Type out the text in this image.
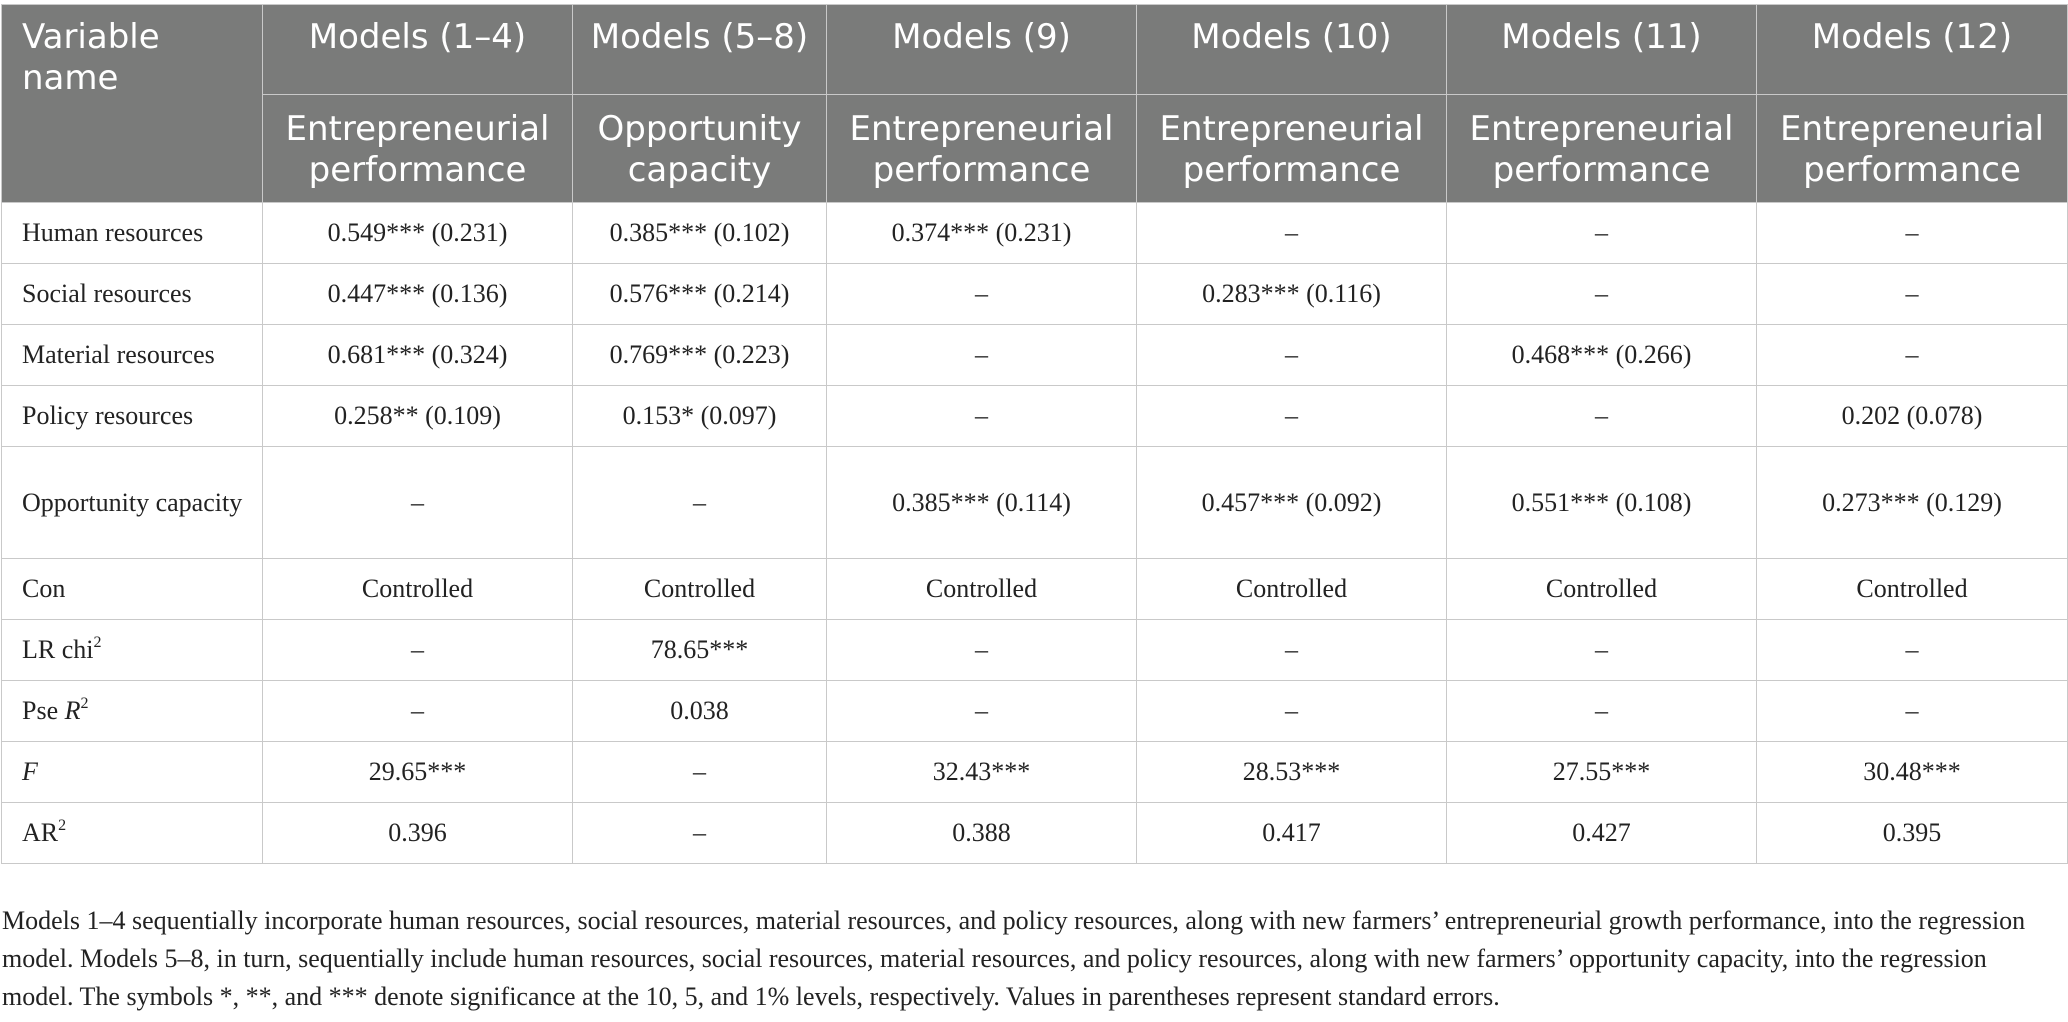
Variable name	Models (1–4)	Models (5–8)	Models (9)	Models (10)	Models (11)	Models (12)
	Entrepreneurial performance	Opportunity capacity	Entrepreneurial performance	Entrepreneurial performance	Entrepreneurial performance	Entrepreneurial performance
Human resources	0.549*** (0.231)	0.385*** (0.102)	0.374*** (0.231)	–	–	–
Social resources	0.447*** (0.136)	0.576*** (0.214)	–	0.283*** (0.116)	–	–
Material resources	0.681*** (0.324)	0.769*** (0.223)	–	–	0.468*** (0.266)	–
Policy resources	0.258** (0.109)	0.153* (0.097)	–	–	–	0.202 (0.078)
Opportunity capacity	–	–	0.385*** (0.114)	0.457*** (0.092)	0.551*** (0.108)	0.273*** (0.129)
Con	Controlled	Controlled	Controlled	Controlled	Controlled	Controlled
LR chi$^2$	–	78.65***	–	–	–	–
Pse $R^2$	–	0.038	–	–	–	–
F	29.65***	–	32.43***	28.53***	27.55***	30.48***
$AR^2$	0.396	–	0.388	0.417	0.427	0.395
Models 1–4 sequentially incorporate human resources, social resources, material resources, and policy resources, along with new farmers’ entrepreneurial growth performance, into the regression model. Models 5–8, in turn, sequentially include human resources, social resources, material resources, and policy resources, along with new farmers’ opportunity capacity, into the regression model. The symbols *, **, and *** denote significance at the 10, 5, and 1% levels, respectively. Values in parentheses represent standard errors.
